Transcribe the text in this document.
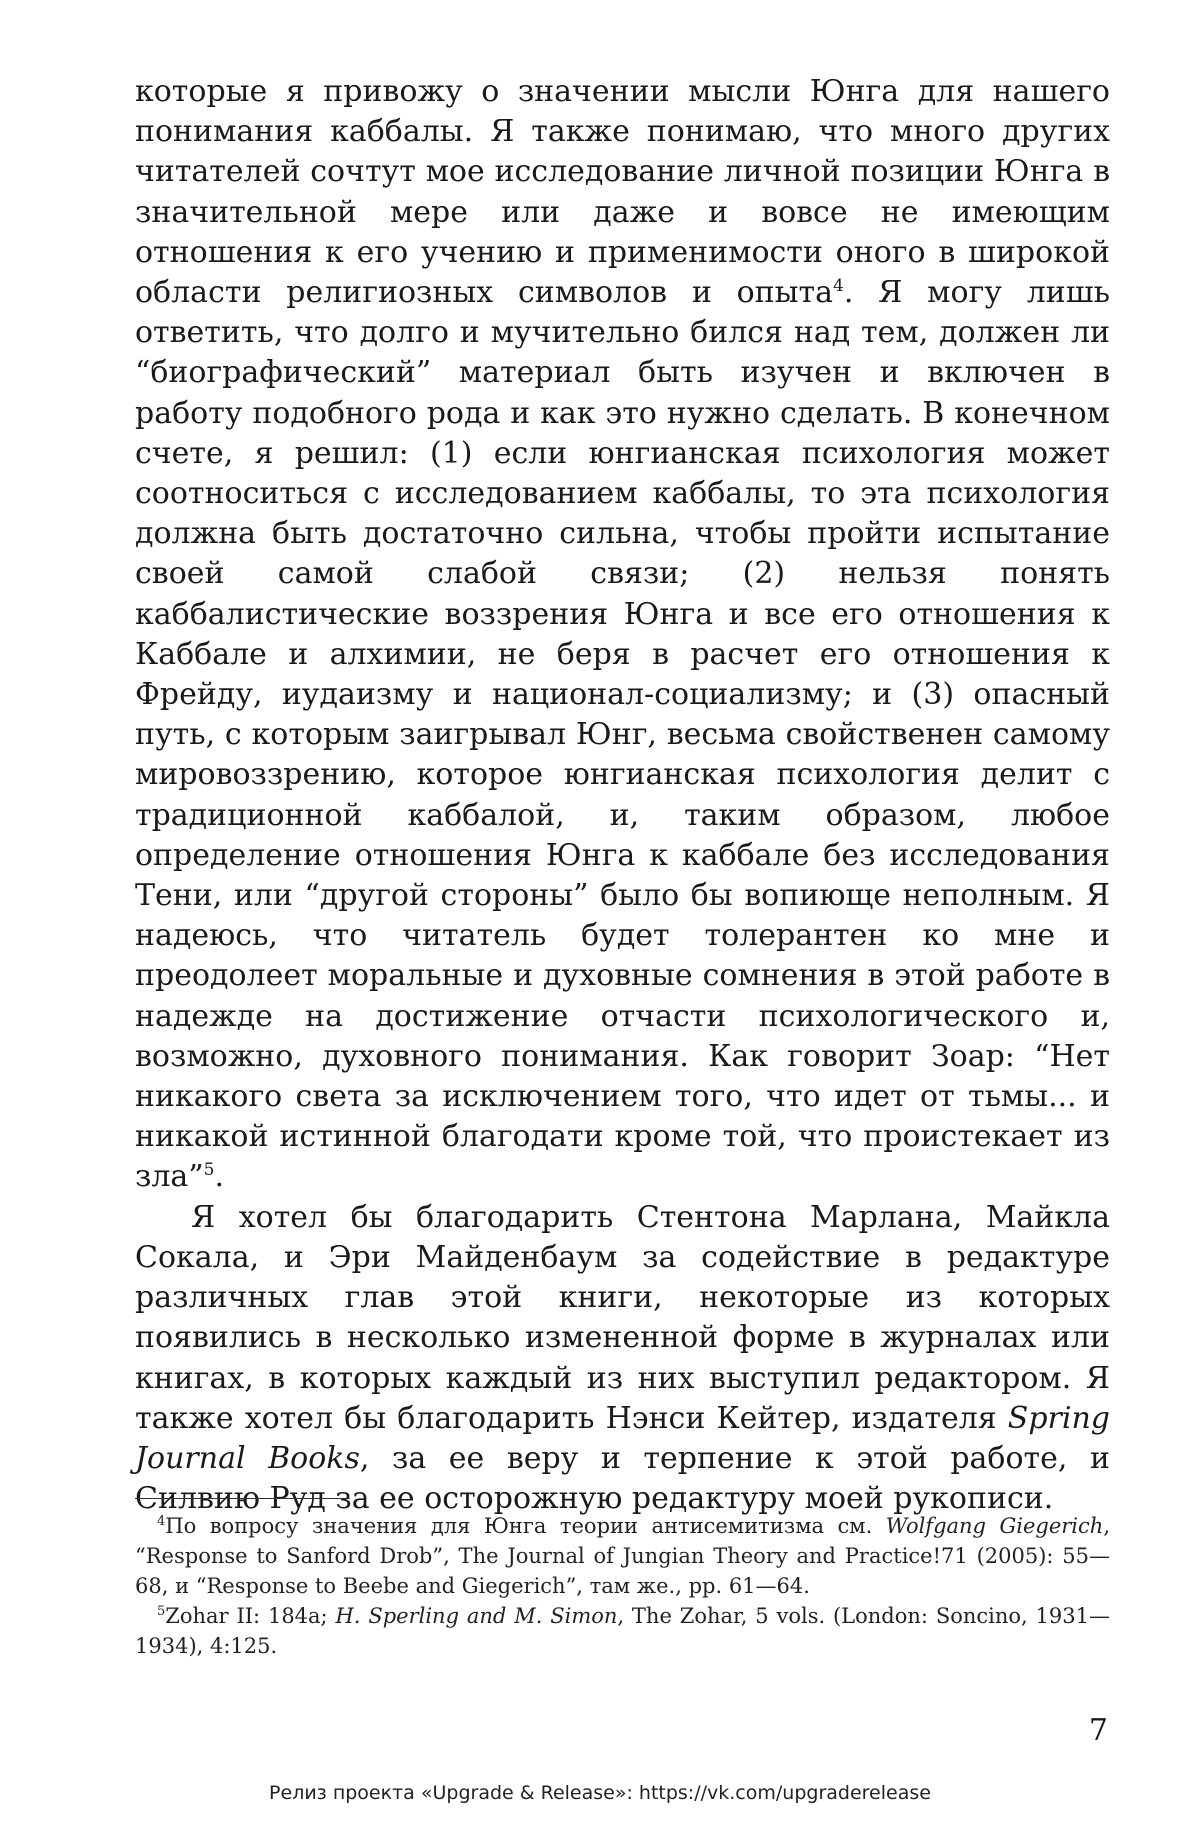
которые я привожу о значении мысли Юнга для нашего понимания каббалы. Я также понимаю, что много других читателей сочтут мое исследование личной позиции Юнга в значительной мере или даже и вовсе не имеющим отношения к его учению и применимости оного в широкой области религиозных символов и опыта$^4$. Я могу лишь ответить, что долго и мучительно бился над тем, должен ли “биографический” материал быть изучен и включен в работу подобного рода и как это нужно сделать. В конечном счете, я решил: (1) если юнгианская психология может соотноситься с исследованием каббалы, то эта психология должна быть достаточно сильна, чтобы пройти испытание своей самой слабой связи; (2) нельзя понять каббалистические воззрения Юнга и все его отношения к Каббале и алхимии, не беря в расчет его отношения к Фрейду, иудаизму и национал-социализму; и (3) опасный путь, с которым заигрывал Юнг, весьма свойственен самому мировоззрению, которое юнгианская психология делит с традиционной каббалой, и, таким образом, любое определение отношения Юнга к каббале без исследования Тени, или “другой стороны” было бы вопиюще неполным. Я надеюсь, что читатель будет толерантен ко мне и преодолеет моральные и духовные сомнения в этой работе в надежде на достижение отчасти психологического и, возможно, духовного понимания. Как говорит Зоар: “Нет никакого света за исключением того, что идет от тьмы... и никакой истинной благодати кроме той, что проистекает из зла”$^5$.

Я хотел бы благодарить Стентона Марлана, Майкла Сокала, и Эри Майденбаум за содействие в редактуре различных глав этой книги, некоторые из которых появились в несколько измененной форме в журналах или книгах, в которых каждый из них выступил редактором. Я также хотел бы благодарить Нэнси Кейтер, издателя Spring Journal Books, за ее веру и терпение к этой работе, и Силвию Руд за ее осторожную редактуру моей рукописи.

$^4$По вопросу значения для Юнга теории антисемитизма см. Wolfgang Giegerich, “Response to Sanford Drob”, The Journal of Jungian Theory and Practice!71 (2005): 55—68, и “Response to Beebe and Giegerich”, там же., pp. 61—64.

$^5$Zohar II: 184a; H. Sperling and M. Simon, The Zohar, 5 vols. (London: Soncino, 1931—1934), 4:125.

7
Релиз проекта «Upgrade & Release»: https://vk.com/upgraderelease
